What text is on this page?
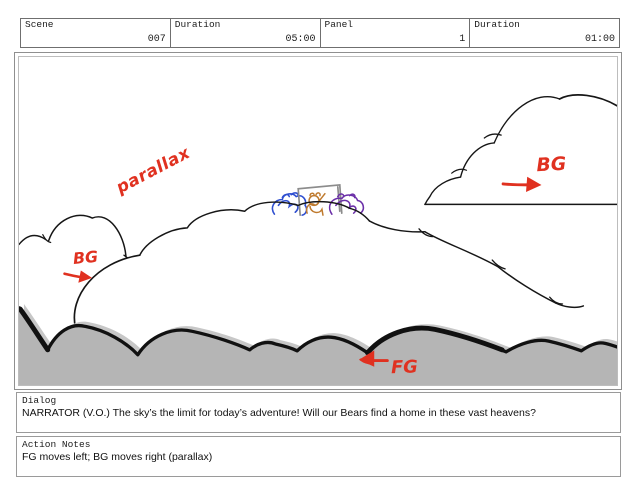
Scene
007
Duration
05:00
Panel
1
Duration
01:00
parallax
BG
BG
FG
Dialog
NARRATOR (V.O.) The sky’s the limit for today’s adventure! Will our Bears find a home in these vast heavens?
Action Notes
FG moves left; BG moves right (parallax)
